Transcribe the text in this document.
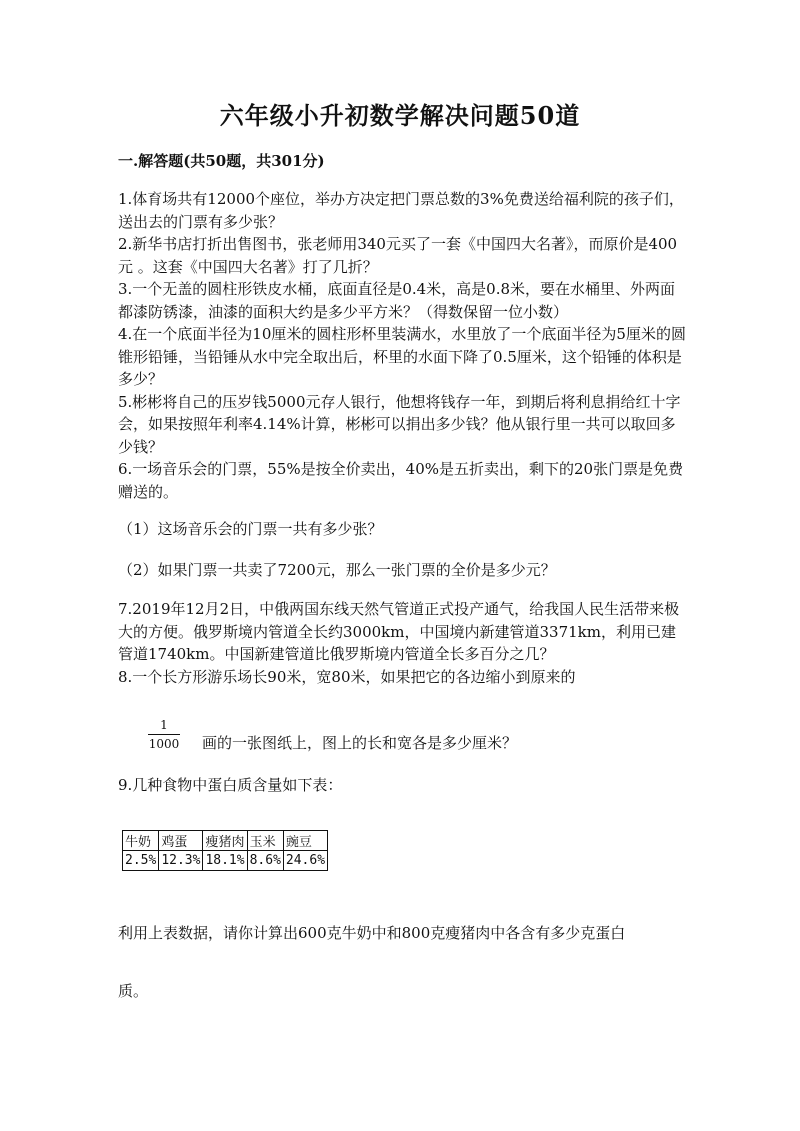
六年级小升初数学解决问题50道
一.解答题(共50题，共301分)
1.体育场共有12000个座位，举办方决定把门票总数的3%免费送给福利院的孩子们，送出去的门票有多少张？
2.新华书店打折出售图书，张老师用340元买了一套《中国四大名著》，而原价是400元 。这套《中国四大名著》打了几折？
3.一个无盖的圆柱形铁皮水桶，底面直径是0.4米，高是0.8米，要在水桶里、外两面都漆防锈漆，油漆的面积大约是多少平方米？（得数保留一位小数）
4.在一个底面半径为10厘米的圆柱形杯里装满水，水里放了一个底面半径为5厘米的圆锥形铅锤，当铅锤从水中完全取出后，杯里的水面下降了0.5厘米，这个铅锤的体积是多少？
5.彬彬将自己的压岁钱5000元存人银行，他想将钱存一年，到期后将利息捐给红十字会，如果按照年利率4.14%计算，彬彬可以捐出多少钱？他从银行里一共可以取回多少钱？
6.一场音乐会的门票，55%是按全价卖出，40%是五折卖出，剩下的20张门票是免费赠送的。
（1）这场音乐会的门票一共有多少张？
（2）如果门票一共卖了7200元，那么一张门票的全价是多少元？
7.2019年12月2日，中俄两国东线天然气管道正式投产通气，给我国人民生活带来极大的方便。俄罗斯境内管道全长约3000km，中国境内新建管道3371km，利用已建管道1740km。中国新建管道比俄罗斯境内管道全长多百分之几？
8.一个长方形游乐场长90米，宽80米，如果把它的各边缩小到原来的
1
1000 画的一张图纸上，图上的长和宽各是多少厘米？
9.几种食物中蛋白质含量如下表：
牛奶	鸡蛋	瘦猪肉	玉米	豌豆
2.5%	12.3%	18.1%	8.6%	24.6%
利用上表数据，请你计算出600克牛奶中和800克瘦猪肉中各含有多少克蛋白
质。
